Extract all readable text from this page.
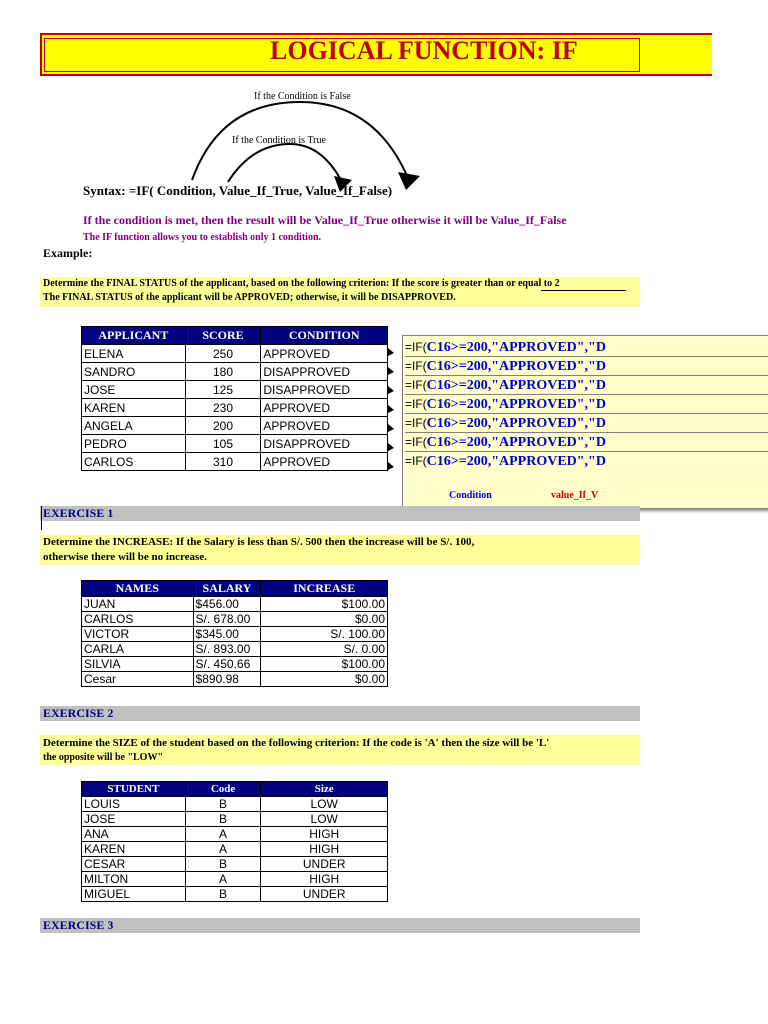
LOGICAL FUNCTION: IF
If the Condition is False
If the Condition is True
Syntax: =IF( Condition, Value_If_True, Value_If_False)
If the condition is met, then the result will be Value_If_True otherwise it will be Value_If_False
The IF function allows you to establish only 1 condition.
Example:
Determine the FINAL STATUS of the applicant, based on the following criterion: If the score is greater than or equal to 2
The FINAL STATUS of the applicant will be APPROVED; otherwise, it will be DISAPPROVED.
APPLICANT	SCORE	CONDITION
ELENA	250	APPROVED
SANDRO	180	DISAPPROVED
JOSE	125	DISAPPROVED
KAREN	230	APPROVED
ANGELA	200	APPROVED
PEDRO	105	DISAPPROVED
CARLOS	310	APPROVED
=IF(C16>=200,"APPROVED","D
=IF(C16>=200,"APPROVED","D
=IF(C16>=200,"APPROVED","D
=IF(C16>=200,"APPROVED","D
=IF(C16>=200,"APPROVED","D
=IF(C16>=200,"APPROVED","D
=IF(C16>=200,"APPROVED","D
Condition	value_If_V
EXERCISE 1
Determine the INCREASE: If the Salary is less than S/. 500 then the increase will be S/. 100,
otherwise there will be no increase.
NAMES	SALARY	INCREASE
JUAN	$456.00	$100.00
CARLOS	S/. 678.00	$0.00
VICTOR	$345.00	S/. 100.00
CARLA	S/. 893.00	S/. 0.00
SILVIA	S/. 450.66	$100.00
Cesar	$890.98	$0.00
EXERCISE 2
Determine the SIZE of the student based on the following criterion: If the code is 'A' then the size will be 'L'
the opposite will be "LOW"
STUDENT	Code	Size
LOUIS	B	LOW
JOSE	B	LOW
ANA	A	HIGH
KAREN	A	HIGH
CESAR	B	UNDER
MILTON	A	HIGH
MIGUEL	B	UNDER
EXERCISE 3
